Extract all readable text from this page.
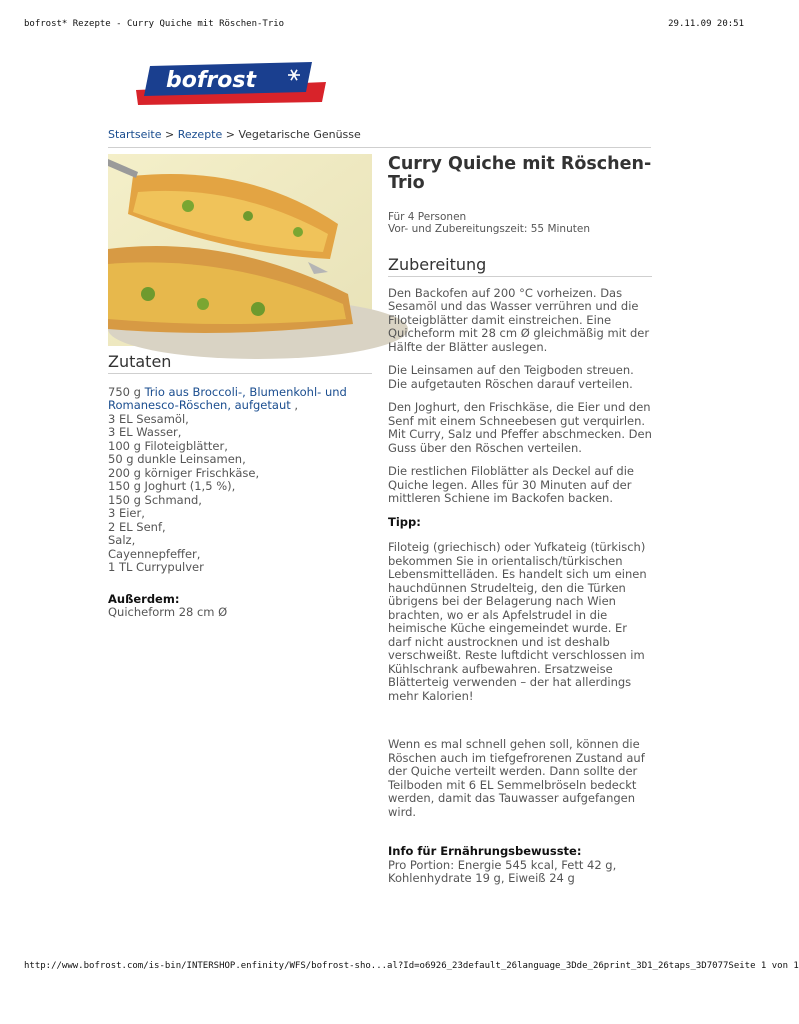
bofrost* Rezepte - Curry Quiche mit Röschen-Trio	29.11.09 20:51
bofrost
Startseite > Rezepte > Vegetarische Genüsse
Zutaten
750 g Trio aus Broccoli-, Blumenkohl- und Romanesco-Röschen, aufgetaut ,
3 EL Sesamöl,
3 EL Wasser,
100 g Filoteigblätter,
50 g dunkle Leinsamen,
200 g körniger Frischkäse,
150 g Joghurt (1,5 %),
150 g Schmand,
3 Eier,
2 EL Senf,
Salz,
Cayennepfeffer,
1 TL Currypulver
Außerdem:
Quicheform 28 cm Ø
Curry Quiche mit Röschen-Trio
Für 4 Personen
Vor- und Zubereitungszeit: 55 Minuten
Zubereitung

Den Backofen auf 200 °C vorheizen. Das Sesamöl und das Wasser verrühren und die Filoteigblätter damit einstreichen. Eine Quicheform mit 28 cm Ø gleichmäßig mit der Hälfte der Blätter auslegen.

Die Leinsamen auf den Teigboden streuen. Die aufgetauten Röschen darauf verteilen.

Den Joghurt, den Frischkäse, die Eier und den Senf mit einem Schneebesen gut verquirlen. Mit Curry, Salz und Pfeffer abschmecken. Den Guss über den Röschen verteilen.

Die restlichen Filoblätter als Deckel auf die Quiche legen. Alles für 30 Minuten auf der mittleren Schiene im Backofen backen.

Tipp:

Filoteig (griechisch) oder Yufkateig (türkisch) bekommen Sie in orientalisch/türkischen Lebensmittelläden. Es handelt sich um einen hauchdünnen Strudelteig, den die Türken übrigens bei der Belagerung nach Wien brachten, wo er als Apfelstrudel in die heimische Küche eingemeindet wurde. Er darf nicht austrocknen und ist deshalb verschweißt. Reste luftdicht verschlossen im Kühlschrank aufbewahren. Ersatzweise Blätterteig verwenden – der hat allerdings mehr Kalorien!

Wenn es mal schnell gehen soll, können die Röschen auch im tiefgefrorenen Zustand auf der Quiche verteilt werden. Dann sollte der Teilboden mit 6 EL Semmelbröseln bedeckt werden, damit das Tauwasser aufgefangen wird.

Info für Ernährungsbewusste:
Pro Portion: Energie 545 kcal, Fett 42 g, Kohlenhydrate 19 g, Eiweiß 24 g
http://www.bofrost.com/is-bin/INTERSHOP.enfinity/WFS/bofrost-sho...al?Id=o6926_23default_26language_3Dde_26print_3D1_26taps_3D7077 Seite 1 von 1
